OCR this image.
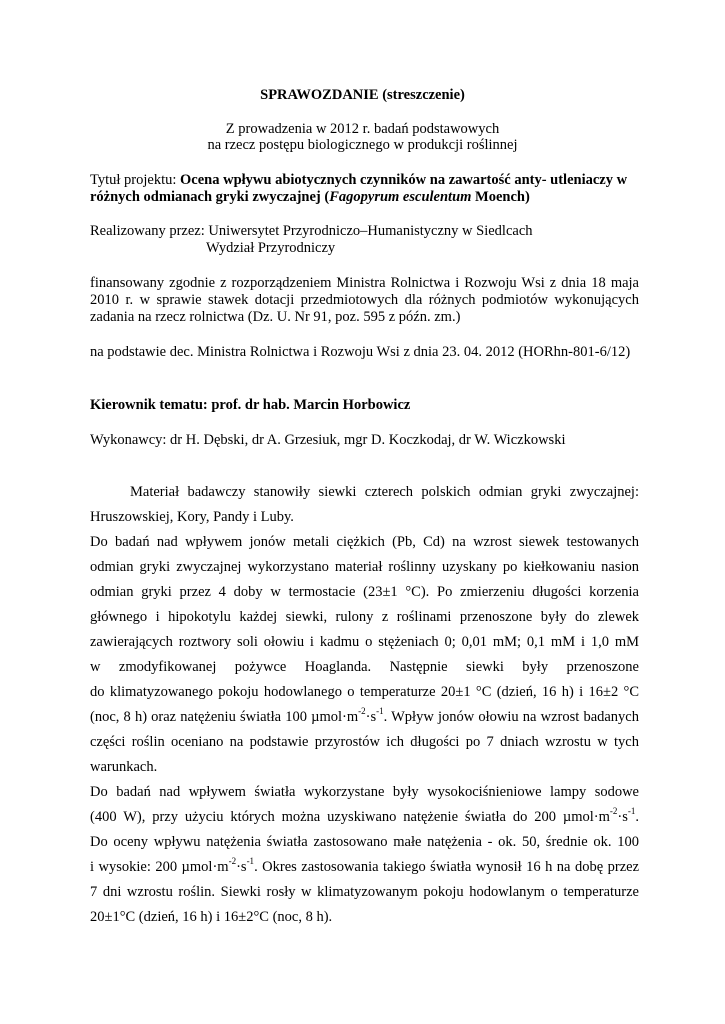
SPRAWOZDANIE (streszczenie)

Z prowadzenia w 2012 r. badań podstawowych

na rzecz postępu biologicznego w produkcji roślinnej

Tytuł projektu: Ocena wpływu abiotycznych czynników na zawartość anty- utleniaczy w

różnych odmianach gryki zwyczajnej (Fagopyrum esculentum Moench)

Realizowany przez: Uniwersytet Przyrodniczo–Humanistyczny w Siedlcach

Wydział Przyrodniczy

finansowany zgodnie z rozporządzeniem Ministra Rolnictwa i Rozwoju Wsi z dnia 18 maja

2010 r. w sprawie stawek dotacji przedmiotowych dla różnych podmiotów wykonujących

zadania na rzecz rolnictwa (Dz. U. Nr 91, poz. 595 z późn. zm.)

na podstawie dec. Ministra Rolnictwa i Rozwoju Wsi z dnia 23. 04. 2012 (HORhn-801-6/12)

Kierownik tematu: prof. dr hab. Marcin Horbowicz

Wykonawcy: dr H. Dębski, dr A. Grzesiuk, mgr D. Koczkodaj, dr W. Wiczkowski

Materiał badawczy stanowiły siewki czterech polskich odmian gryki zwyczajnej:

Hruszowskiej, Kory, Pandy i Luby.

Do badań nad wpływem jonów metali ciężkich (Pb, Cd) na wzrost siewek testowanych

odmian gryki zwyczajnej wykorzystano materiał roślinny uzyskany po kiełkowaniu nasion

odmian gryki przez 4 doby w termostacie (23±1 °C). Po zmierzeniu długości korzenia

głównego i hipokotylu każdej siewki, rulony z roślinami przenoszone były do zlewek

zawierających roztwory soli ołowiu i kadmu o stężeniach 0; 0,01 mM; 0,1 mM i 1,0 mM

w zmodyfikowanej pożywce Hoaglanda. Następnie siewki były przenoszone

do klimatyzowanego pokoju hodowlanego o temperaturze 20±1 °C (dzień, 16 h) i 16±2 °C

(noc, 8 h) oraz natężeniu światła 100 $\mu mol\cdot m^{-2}\cdot s^{-1}$. Wpływ jonów ołowiu na wzrost badanych

części roślin oceniano na podstawie przyrostów ich długości po 7 dniach wzrostu w tych

warunkach.

Do badań nad wpływem światła wykorzystane były wysokociśnieniowe lampy sodowe

(400 W), przy użyciu których można uzyskiwano natężenie światła do 200 $\mu mol\cdot m^{-2}\cdot s^{-1}$.

Do oceny wpływu natężenia światła zastosowano małe natężenia - ok. 50, średnie ok. 100

i wysokie: 200 $\mu mol\cdot m^{-2}\cdot s^{-1}$. Okres zastosowania takiego światła wynosił 16 h na dobę przez

7 dni wzrostu roślin. Siewki rosły w klimatyzowanym pokoju hodowlanym o temperaturze

20±1°C (dzień, 16 h) i 16±2°C (noc, 8 h).
